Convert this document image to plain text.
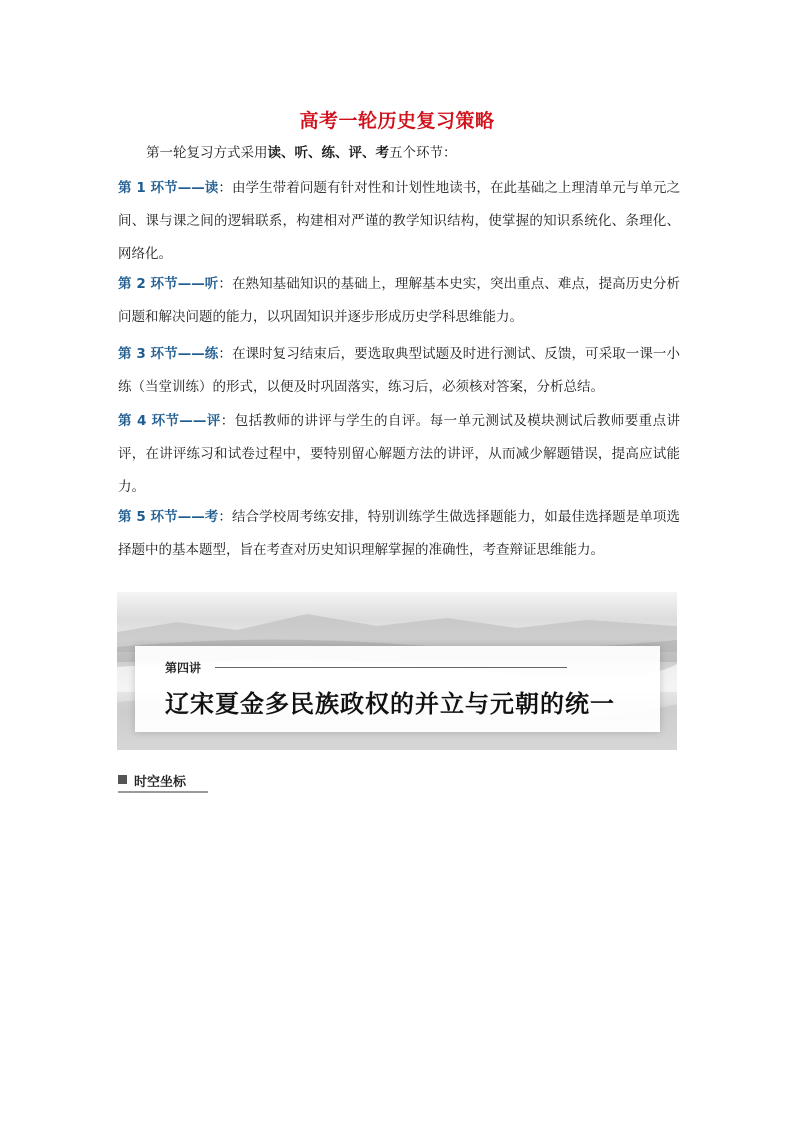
高考一轮历史复习策略
第一轮复习方式采用读、听、练、评、考五个环节：
第 1 环节——读：由学生带着问题有针对性和计划性地读书，在此基础之上理清单元与单元之间、课与课之间的逻辑联系，构建相对严谨的教学知识结构，使掌握的知识系统化、条理化、网络化。
第 2 环节——听：在熟知基础知识的基础上，理解基本史实，突出重点、难点，提高历史分析问题和解决问题的能力，以巩固知识并逐步形成历史学科思维能力。
第 3 环节——练：在课时复习结束后，要选取典型试题及时进行测试、反馈，可采取一课一小练（当堂训练）的形式，以便及时巩固落实，练习后，必须核对答案，分析总结。
第 4 环节——评：包括教师的讲评与学生的自评。每一单元测试及模块测试后教师要重点讲评，在讲评练习和试卷过程中，要特别留心解题方法的讲评，从而减少解题错误，提高应试能力。
第 5 环节——考：结合学校周考练安排，特别训练学生做选择题能力，如最佳选择题是单项选择题中的基本题型，旨在考查对历史知识理解掌握的准确性，考查辩证思维能力。
第四讲
辽宋夏金多民族政权的并立与元朝的统一
时空坐标
